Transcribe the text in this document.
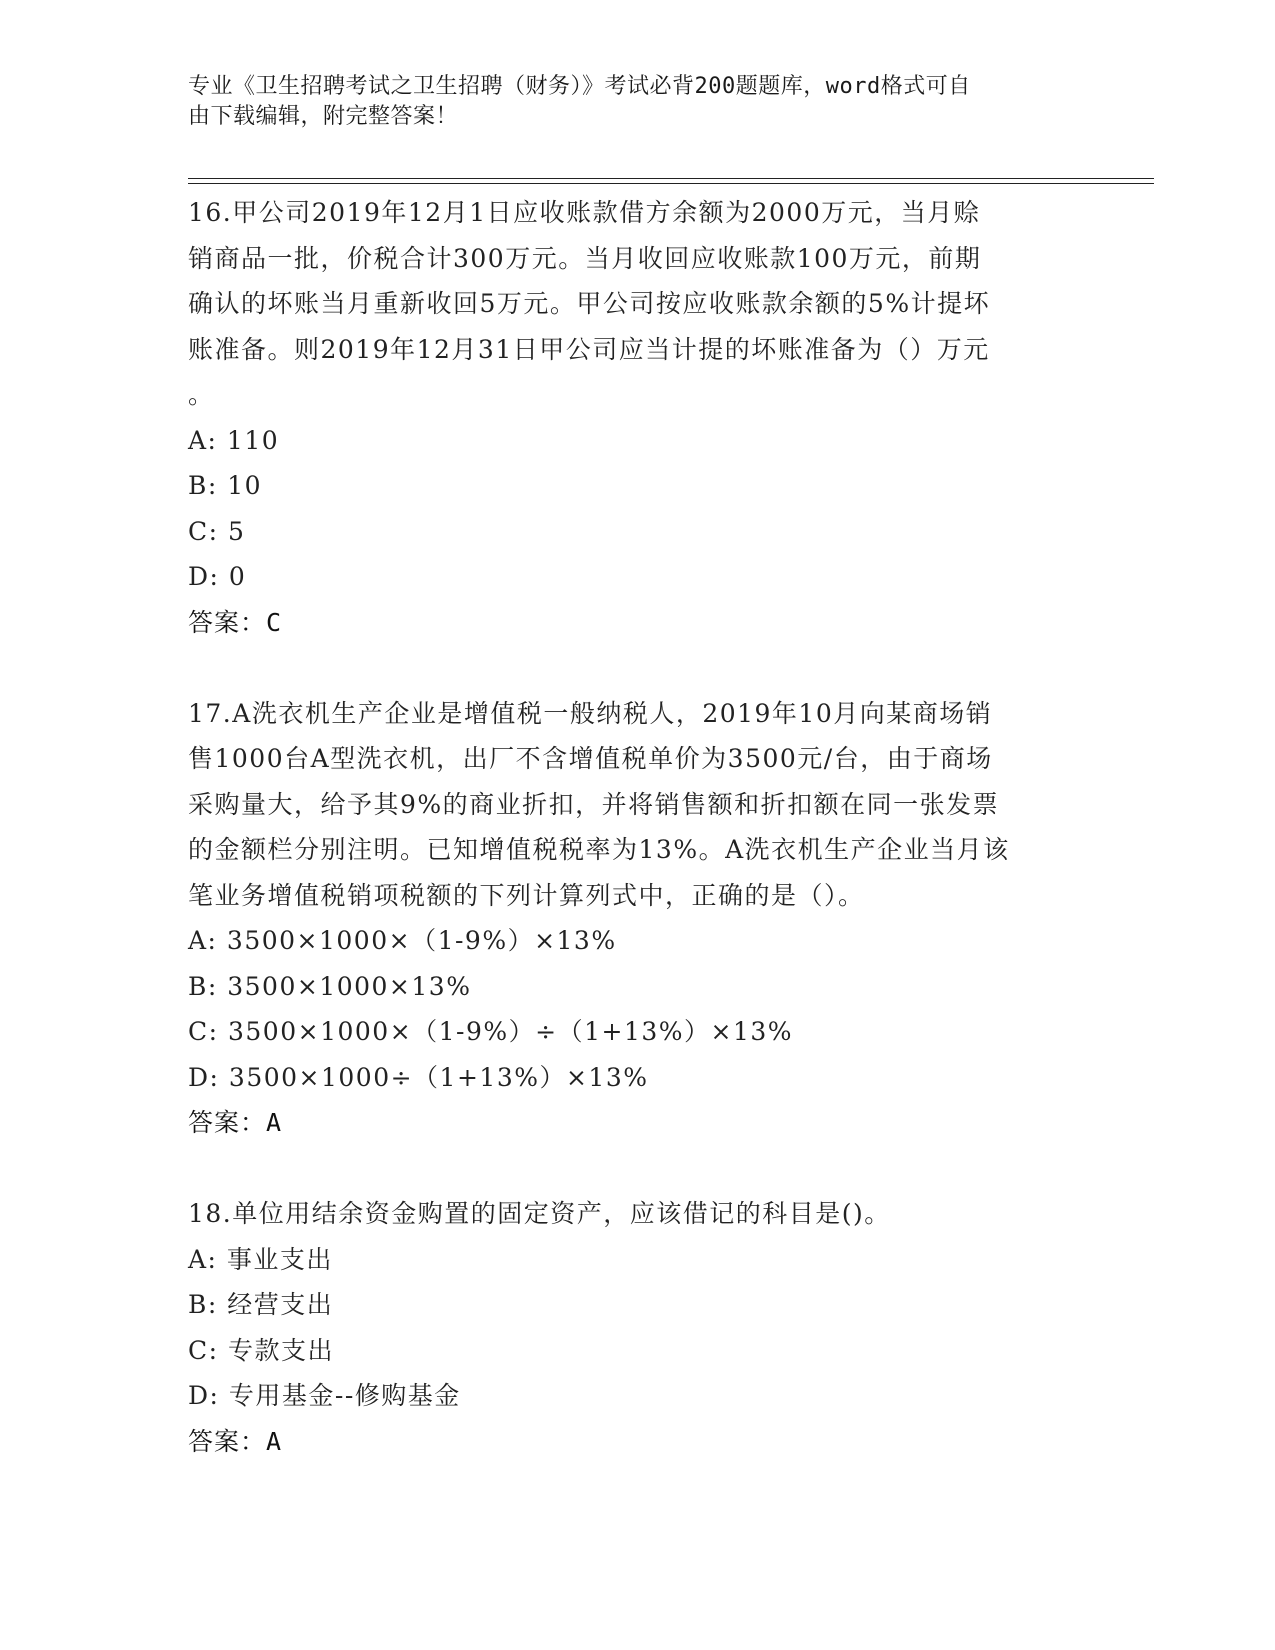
专业《卫生招聘考试之卫生招聘（财务）》考试必背200题题库，word格式可自
由下载编辑，附完整答案！
16.甲公司2019年12月1日应收账款借方余额为2000万元，当月赊
销商品一批，价税合计300万元。当月收回应收账款100万元，前期
确认的坏账当月重新收回5万元。甲公司按应收账款余额的5%计提坏
账准备。则2019年12月31日甲公司应当计提的坏账准备为（）万元
。
A: 110
B: 10
C: 5
D: 0
答案：C
17.A洗衣机生产企业是增值税一般纳税人，2019年10月向某商场销
售1000台A型洗衣机，出厂不含增值税单价为3500元/台，由于商场
采购量大，给予其9%的商业折扣，并将销售额和折扣额在同一张发票
的金额栏分别注明。已知增值税税率为13%。A洗衣机生产企业当月该
笔业务增值税销项税额的下列计算列式中，正确的是（）。
A: 3500×1000×（1-9%）×13%
B: 3500×1000×13%
C: 3500×1000×（1-9%）÷（1+13%）×13%
D: 3500×1000÷（1+13%）×13%
答案：A
18.单位用结余资金购置的固定资产，应该借记的科目是()。
A: 事业支出
B: 经营支出
C: 专款支出
D: 专用基金--修购基金
答案：A
